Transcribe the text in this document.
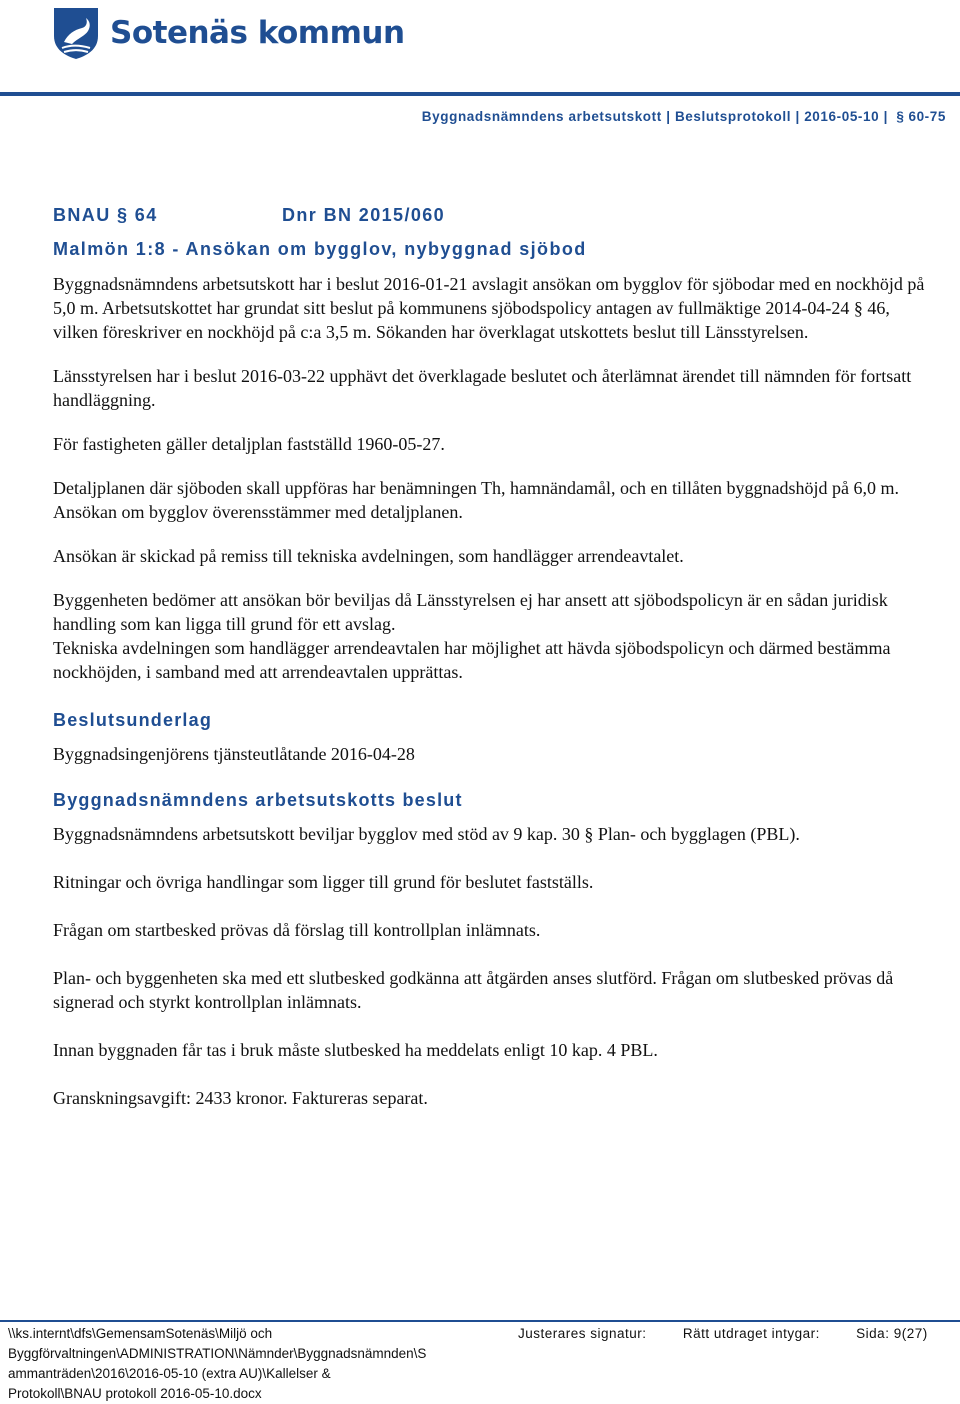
Sotenäs kommun
Byggnadsnämndens arbetsutskott | Beslutsprotokoll | 2016-05-10 | § 60-75
BNAU § 64	Dnr BN 2015/060
Malmön 1:8 - Ansökan om bygglov, nybyggnad sjöbod

Byggnadsnämndens arbetsutskott har i beslut 2016-01-21 avslagit ansökan om bygglov för sjöbodar med en nockhöjd på 5,0 m. Arbetsutskottet har grundat sitt beslut på kommunens sjöbodspolicy antagen av fullmäktige 2014-04-24 § 46, vilken föreskriver en nockhöjd på c:a 3,5 m. Sökanden har överklagat utskottets beslut till Länsstyrelsen.

Länsstyrelsen har i beslut 2016-03-22 upphävt det överklagade beslutet och återlämnat ärendet till nämnden för fortsatt handläggning.

För fastigheten gäller detaljplan fastställd 1960-05-27.

Detaljplanen där sjöboden skall uppföras har benämningen Th, hamnändamål, och en tillåten byggnadshöjd på 6,0 m. Ansökan om bygglov överensstämmer med detaljplanen.

Ansökan är skickad på remiss till tekniska avdelningen, som handlägger arrendeavtalet.

Byggenheten bedömer att ansökan bör beviljas då Länsstyrelsen ej har ansett att sjöbodspolicyn är en sådan juridisk handling som kan ligga till grund för ett avslag.

Tekniska avdelningen som handlägger arrendeavtalen har möjlighet att hävda sjöbodspolicyn och därmed bestämma nockhöjden, i samband med att arrendeavtalen upprättas.

Beslutsunderlag

Byggnadsingenjörens tjänsteutlåtande 2016-04-28

Byggnadsnämndens arbetsutskotts beslut

Byggnadsnämndens arbetsutskott beviljar bygglov med stöd av 9 kap. 30 § Plan- och bygglagen (PBL).

Ritningar och övriga handlingar som ligger till grund för beslutet fastställs.

Frågan om startbesked prövas då förslag till kontrollplan inlämnats.

Plan- och byggenheten ska med ett slutbesked godkänna att åtgärden anses slutförd. Frågan om slutbesked prövas då signerad och styrkt kontrollplan inlämnats.

Innan byggnaden får tas i bruk måste slutbesked ha meddelats enligt 10 kap. 4 PBL.

Granskningsavgift: 2433 kronor. Faktureras separat.

\\ks.internt\dfs\GemensamSotenäs\Miljö och
Byggförvaltningen\ADMINISTRATION\Nämnder\Byggnadsnämnden\S
ammanträden\2016\2016-05-10 (extra AU)\Kallelser &
Protokoll\BNAU protokoll 2016-05-10.docx
Justerares signatur:	Rätt utdraget intygar:	Sida: 9(27)
